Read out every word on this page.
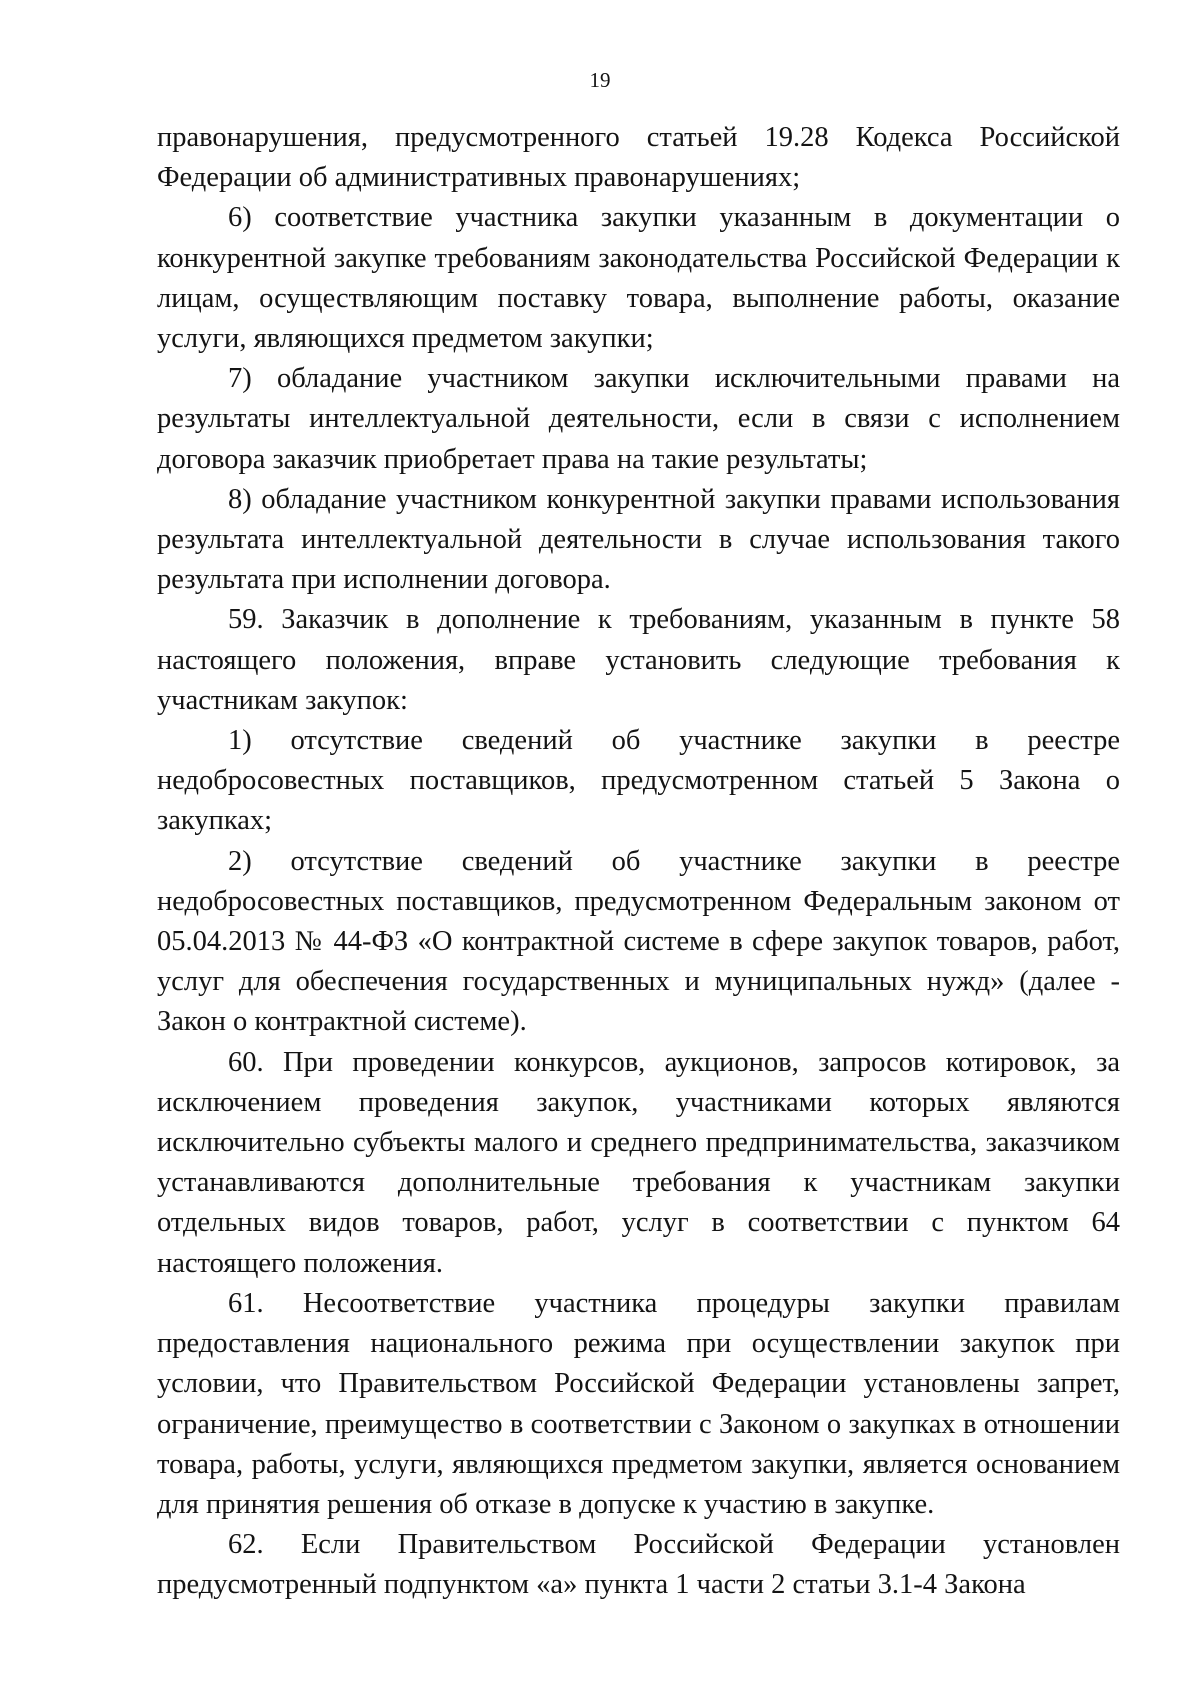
19

правонарушения, предусмотренного статьей 19.28 Кодекса Российской Федерации об административных правонарушениях;

6) соответствие участника закупки указанным в документации о конкурентной закупке требованиям законодательства Российской Федерации к лицам, осуществляющим поставку товара, выполнение работы, оказание услуги, являющихся предметом закупки;

7) обладание участником закупки исключительными правами на результаты интеллектуальной деятельности, если в связи с исполнением договора заказчик приобретает права на такие результаты;

8) обладание участником конкурентной закупки правами использования результата интеллектуальной деятельности в случае использования такого результата при исполнении договора.

59. Заказчик в дополнение к требованиям, указанным в пункте 58 настоящего положения, вправе установить следующие требования к участникам закупок:

1) отсутствие сведений об участнике закупки в реестре недобросовестных поставщиков, предусмотренном статьей 5 Закона о закупках;

2) отсутствие сведений об участнике закупки в реестре недобросовестных поставщиков, предусмотренном Федеральным законом от 05.04.2013 № 44-ФЗ «О контрактной системе в сфере закупок товаров, работ, услуг для обеспечения государственных и муниципальных нужд» (далее - Закон о контрактной системе).

60. При проведении конкурсов, аукционов, запросов котировок, за исключением проведения закупок, участниками которых являются исключительно субъекты малого и среднего предпринимательства, заказчиком устанавливаются дополнительные требования к участникам закупки отдельных видов товаров, работ, услуг в соответствии с пунктом 64 настоящего положения.

61. Несоответствие участника процедуры закупки правилам предоставления национального режима при осуществлении закупок при условии, что Правительством Российской Федерации установлены запрет, ограничение, преимущество в соответствии с Законом о закупках в отношении товара, работы, услуги, являющихся предметом закупки, является основанием для принятия решения об отказе в допуске к участию в закупке.

62. Если Правительством Российской Федерации установлен предусмотренный подпунктом «а» пункта 1 части 2 статьи 3.1-4 Закона
